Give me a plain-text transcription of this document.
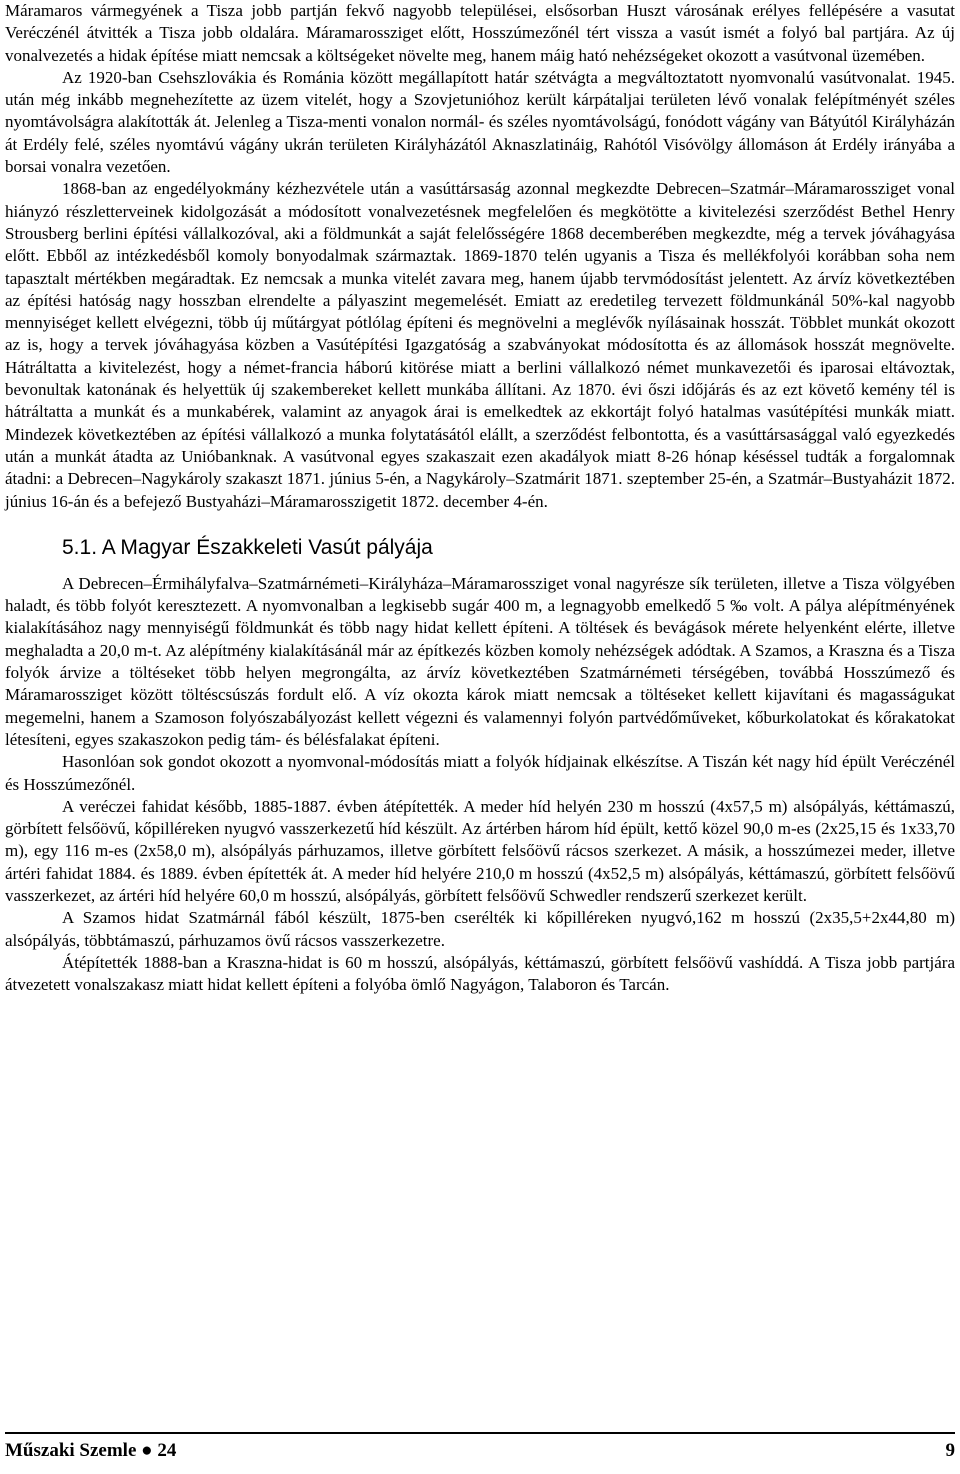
Máramaros vármegyének a Tisza jobb partján fekvő nagyobb települései, elsősorban Huszt városának erélyes fellépésére a vasutat Veréczénél átvitték a Tisza jobb oldalára. Máramarossziget előtt, Hosszúmezőnél tért vissza a vasút ismét a folyó bal partjára. Az új vonalvezetés a hidak építése miatt nemcsak a költségeket növelte meg, hanem máig ható nehézségeket okozott a vasútvonal üzemében.

Az 1920-ban Csehszlovákia és Románia között megállapított határ szétvágta a megváltoztatott nyomvonalú vasútvonalat. 1945. után még inkább megnehezítette az üzem vitelét, hogy a Szovjetunióhoz került kárpátaljai területen lévő vonalak felépítményét széles nyomtávolságra alakították át. Jelenleg a Tisza-menti vonalon normál- és széles nyomtávolságú, fonódott vágány van Bátyútól Királyházán át Erdély felé, széles nyomtávú vágány ukrán területen Királyházától Aknaszlatináig, Rahótól Visóvölgy állomáson át Erdély irányába a borsai vonalra vezetően.

1868-ban az engedélyokmány kézhezvétele után a vasúttársaság azonnal megkezdte Debrecen–Szatmár–Máramarossziget vonal hiányzó részletterveinek kidolgozását a módosított vonalvezetésnek megfelelően és megkötötte a kivitelezési szerződést Bethel Henry Strousberg berlini építési vállalkozóval, aki a földmunkát a saját felelősségére 1868 decemberében megkezdte, még a tervek jóváhagyása előtt. Ebből az intézkedésből komoly bonyodalmak származtak. 1869-1870 telén ugyanis a Tisza és mellékfolyói korábban soha nem tapasztalt mértékben megáradtak. Ez nemcsak a munka vitelét zavara meg, hanem újabb tervmódosítást jelentett. Az árvíz következtében az építési hatóság nagy hosszban elrendelte a pályaszint megemelését. Emiatt az eredetileg tervezett földmunkánál 50%-kal nagyobb mennyiséget kellett elvégezni, több új műtárgyat pótlólag építeni és megnövelni a meglévők nyílásainak hosszát. Többlet munkát okozott az is, hogy a tervek jóváhagyása közben a Vasútépítési Igazgatóság a szabványokat módosította és az állomások hosszát megnövelte. Hátráltatta a kivitelezést, hogy a német-francia háború kitörése miatt a berlini vállalkozó német munkavezetői és iparosai eltávoztak, bevonultak katonának és helyettük új szakembereket kellett munkába állítani. Az 1870. évi őszi időjárás és az ezt követő kemény tél is hátráltatta a munkát és a munkabérek, valamint az anyagok árai is emelkedtek az ekkortájt folyó hatalmas vasútépítési munkák miatt. Mindezek következtében az építési vállalkozó a munka folytatásától elállt, a szerződést felbontotta, és a vasúttársasággal való egyezkedés után a munkát átadta az Unióbanknak. A vasútvonal egyes szakaszait ezen akadályok miatt 8-26 hónap késéssel tudták a forgalomnak átadni: a Debrecen–Nagykároly szakaszt 1871. június 5-én, a Nagykároly–Szatmárit 1871. szeptember 25-én, a Szatmár–Bustyaházit 1872. június 16-án és a befejező Bustyaházi–Máramarosszigetit 1872. december 4-én.

5.1. A Magyar Északkeleti Vasút pályája

A Debrecen–Érmihályfalva–Szatmárnémeti–Királyháza–Máramarossziget vonal nagyrésze sík területen, illetve a Tisza völgyében haladt, és több folyót keresztezett. A nyomvonalban a legkisebb sugár 400 m, a legnagyobb emelkedő 5 ‰ volt. A pálya alépítményének kialakításához nagy mennyiségű földmunkát és több nagy hidat kellett építeni. A töltések és bevágások mérete helyenként elérte, illetve meghaladta a 20,0 m-t. Az alépítmény kialakításánál már az építkezés közben komoly nehézségek adódtak. A Szamos, a Kraszna és a Tisza folyók árvize a töltéseket több helyen megrongálta, az árvíz következtében Szatmárnémeti térségében, továbbá Hosszúmező és Máramarossziget között töltéscsúszás fordult elő. A víz okozta károk miatt nemcsak a töltéseket kellett kijavítani és magasságukat megemelni, hanem a Szamoson folyószabályozást kellett végezni és valamennyi folyón partvédőműveket, kőburkolatokat és kőrakatokat létesíteni, egyes szakaszokon pedig tám- és bélésfalakat építeni.

Hasonlóan sok gondot okozott a nyomvonal-módosítás miatt a folyók hídjainak elkészítse. A Tiszán két nagy híd épült Veréczénél és Hosszúmezőnél.

A veréczei fahidat később, 1885-1887. évben átépítették. A meder híd helyén 230 m hosszú (4x57,5 m) alsópályás, kéttámaszú, görbített felsőövű, kőpilléreken nyugvó vasszerkezetű híd készült. Az ártérben három híd épült, kettő közel 90,0 m-es (2x25,15 és 1x33,70 m), egy 116 m-es (2x58,0 m), alsópályás párhuzamos, illetve görbített felsőövű rácsos szerkezet. A másik, a hosszúmezei meder, illetve ártéri fahidat 1884. és 1889. évben építették át. A meder híd helyére 210,0 m hosszú (4x52,5 m) alsópályás, kéttámaszú, görbített felsőövű vasszerkezet, az ártéri híd helyére 60,0 m hosszú, alsópályás, görbített felsőövű Schwedler rendszerű szerkezet került.

A Szamos hidat Szatmárnál fából készült, 1875-ben cserélték ki kőpilléreken nyugvó,162 m hosszú (2x35,5+2x44,80 m) alsópályás, többtámaszú, párhuzamos övű rácsos vasszerkezetre.

Átépítették 1888-ban a Kraszna-hidat is 60 m hosszú, alsópályás, kéttámaszú, görbített felsőövű vashíddá. A Tisza jobb partjára átvezetett vonalszakasz miatt hidat kellett építeni a folyóba ömlő Nagyágon, Talaboron és Tarcán.

Műszaki Szemle ● 24	9
